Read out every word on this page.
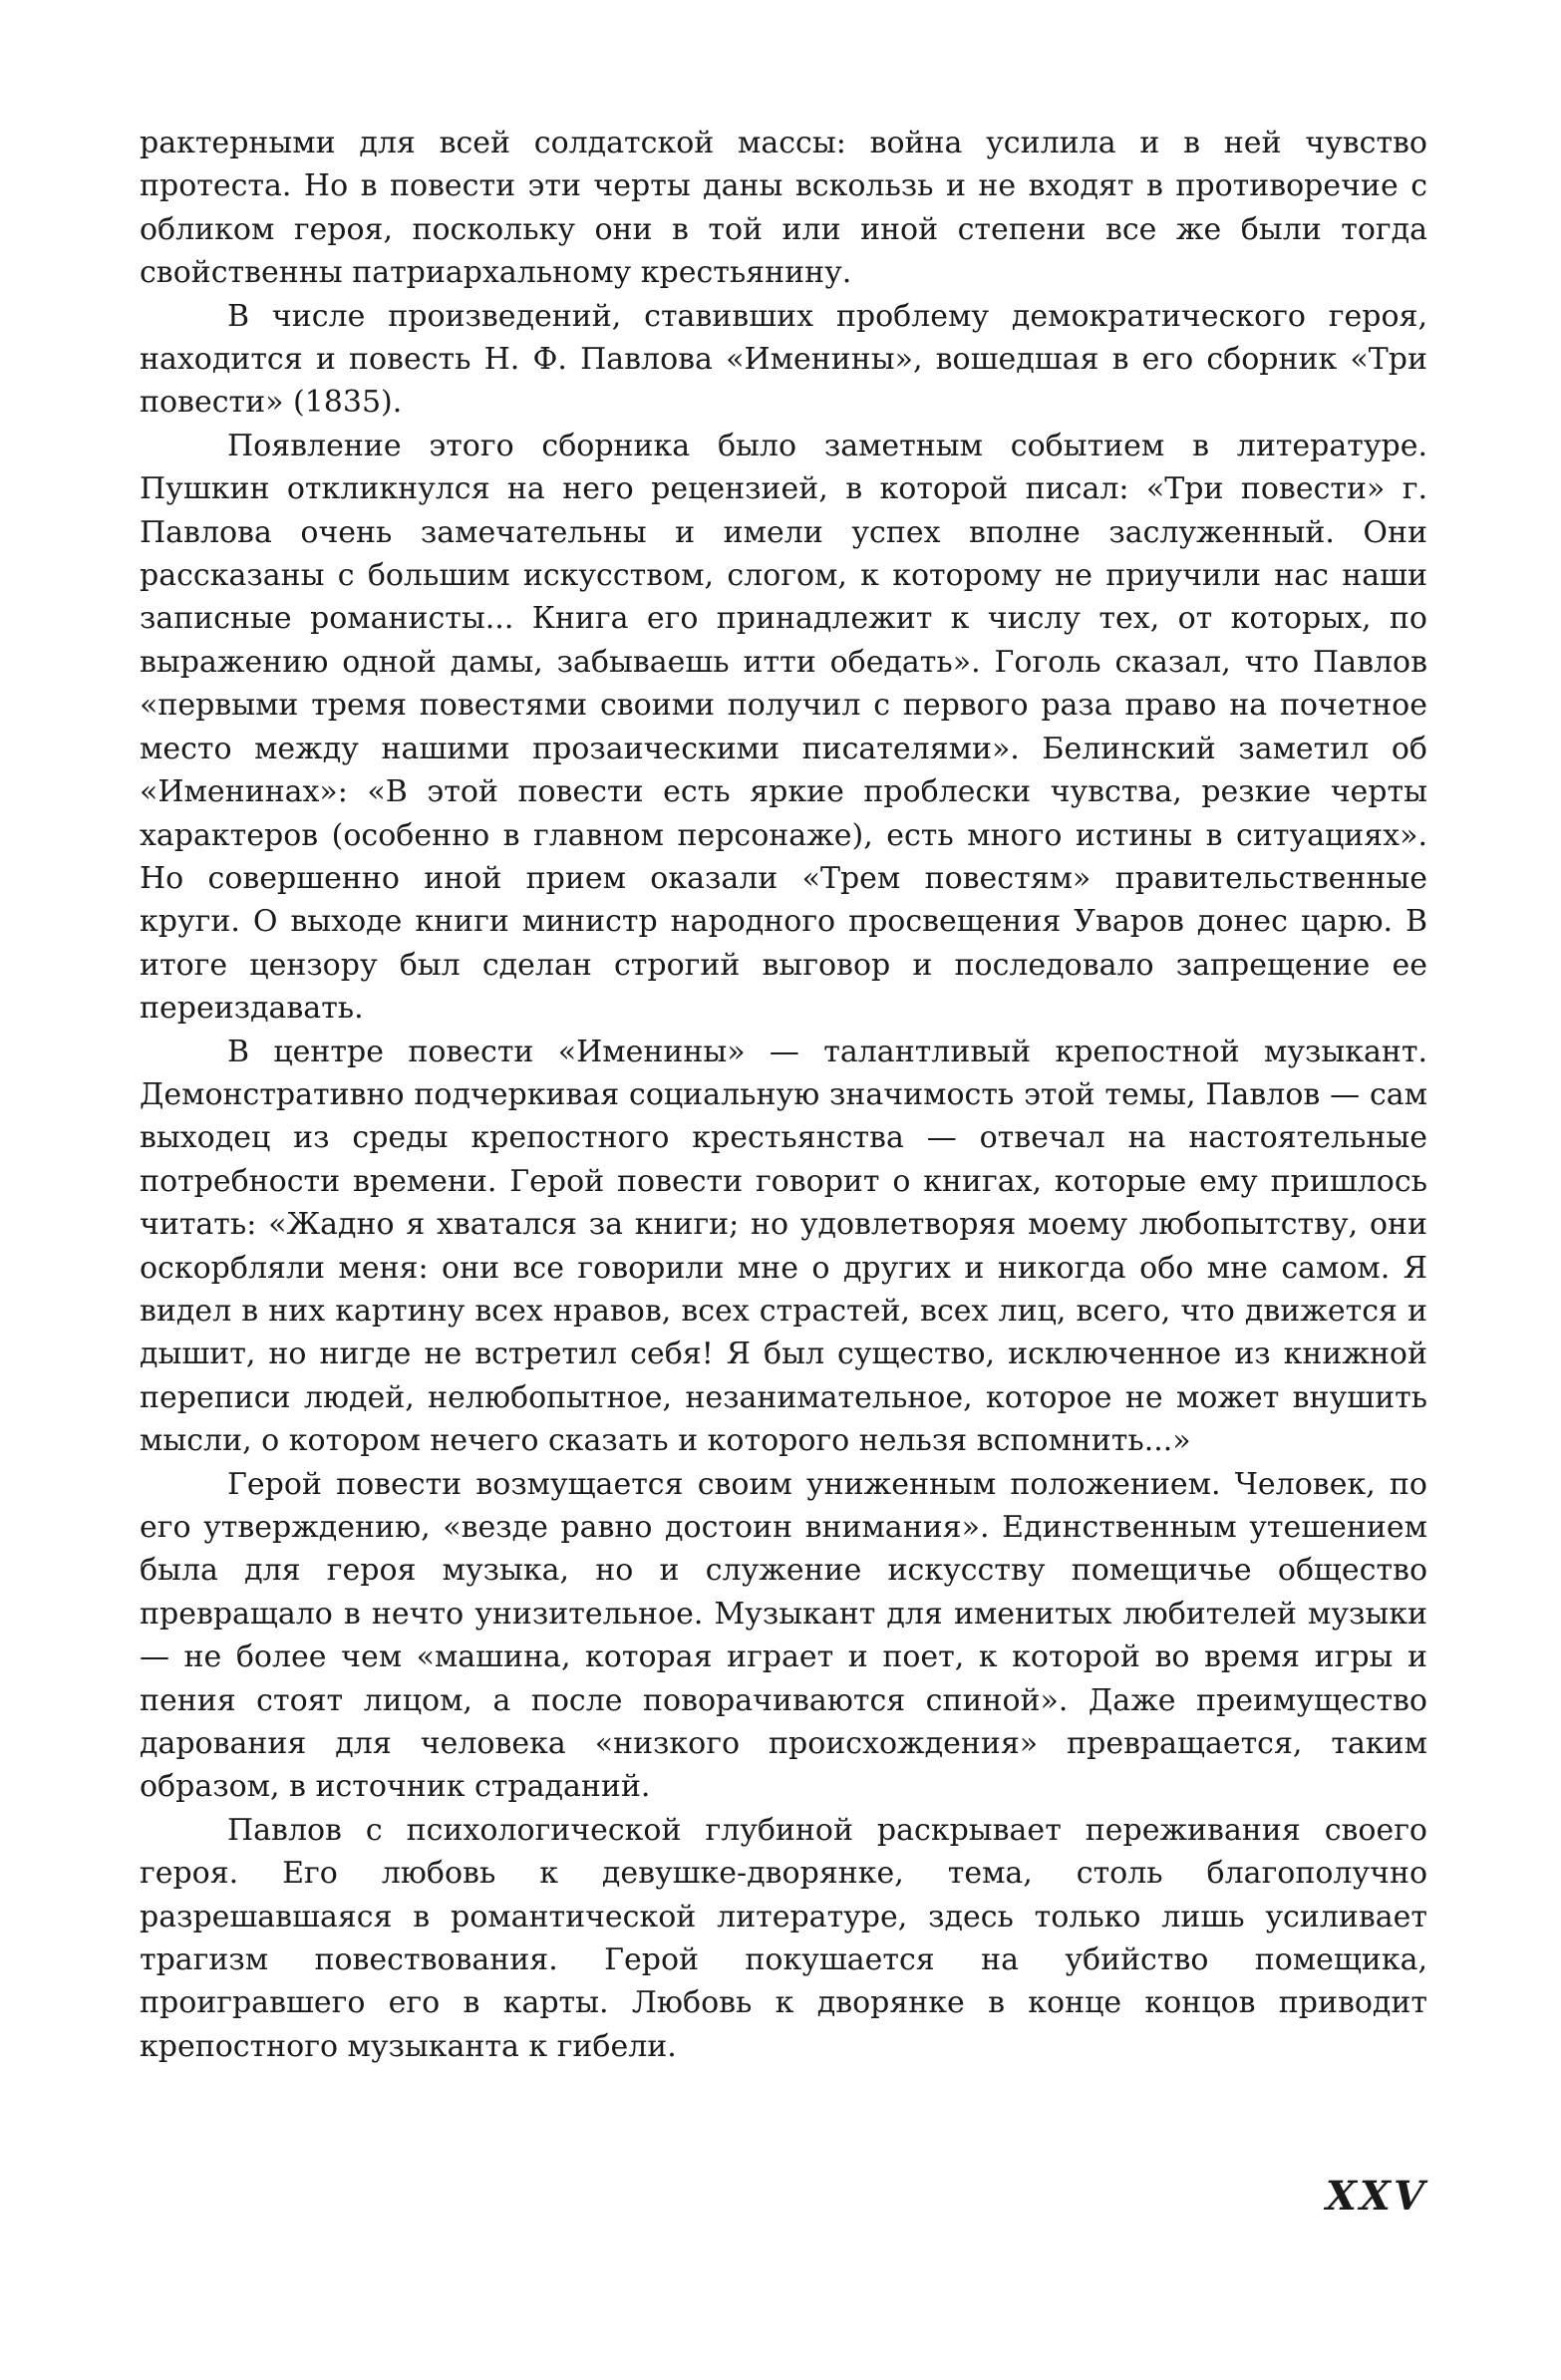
рактерными для всей солдатской массы: война усилила и в ней чувство протеста. Но в повести эти черты даны вскользь и не входят в противоречие с обликом героя, поскольку они в той или иной степени все же были тогда свойственны патриархальному крестьянину.

В числе произведений, ставивших проблему демократического героя, находится и повесть Н. Ф. Павлова «Именины», вошедшая в его сборник «Три повести» (1835).

Появление этого сборника было заметным событием в литературе. Пушкин откликнулся на него рецензией, в которой писал: «Три повести» г. Павлова очень замечательны и имели успех вполне заслуженный. Они рассказаны с большим искусством, слогом, к которому не приучили нас наши записные романисты... Книга его принадлежит к числу тех, от которых, по выражению одной дамы, забываешь итти обедать». Гоголь сказал, что Павлов «первыми тремя повестями своими получил с первого раза право на почетное место между нашими прозаическими писателями». Белинский заметил об «Именинах»: «В этой повести есть яркие проблески чувства, резкие черты характеров (особенно в главном персонаже), есть много истины в ситуациях». Но совершенно иной прием оказали «Трем повестям» правительственные круги. О выходе книги министр народного просвещения Уваров донес царю. В итоге цензору был сделан строгий выговор и последовало запрещение ее переиздавать.

В центре повести «Именины» — талантливый крепостной музыкант. Демонстративно подчеркивая социальную значимость этой темы, Павлов — сам выходец из среды крепостного крестьянства — отвечал на настоятельные потребности времени. Герой повести говорит о книгах, которые ему пришлось читать: «Жадно я хватался за книги; но удовлетворяя моему любопытству, они оскорбляли меня: они все говорили мне о других и никогда обо мне самом. Я видел в них картину всех нравов, всех страстей, всех лиц, всего, что движется и дышит, но нигде не встретил себя! Я был существо, исключенное из книжной переписи людей, нелюбопытное, незанимательное, которое не может внушить мысли, о котором нечего сказать и которого нельзя вспомнить...»

Герой повести возмущается своим униженным положением. Человек, по его утверждению, «везде равно достоин внимания». Единственным утешением была для героя музыка, но и служение искусству помещичье общество превращало в нечто унизительное. Музыкант для именитых любителей музыки — не более чем «машина, которая играет и поет, к которой во время игры и пения стоят лицом, а после поворачиваются спиной». Даже преимущество дарования для человека «низкого происхождения» превращается, таким образом, в источник страданий.

Павлов с психологической глубиной раскрывает переживания своего героя. Его любовь к девушке-дворянке, тема, столь благополучно разрешавшаяся в романтической литературе, здесь только лишь усиливает трагизм повествования. Герой покушается на убийство помещика, проигравшего его в карты. Любовь к дворянке в конце концов приводит крепостного музыканта к гибели.

XXV
